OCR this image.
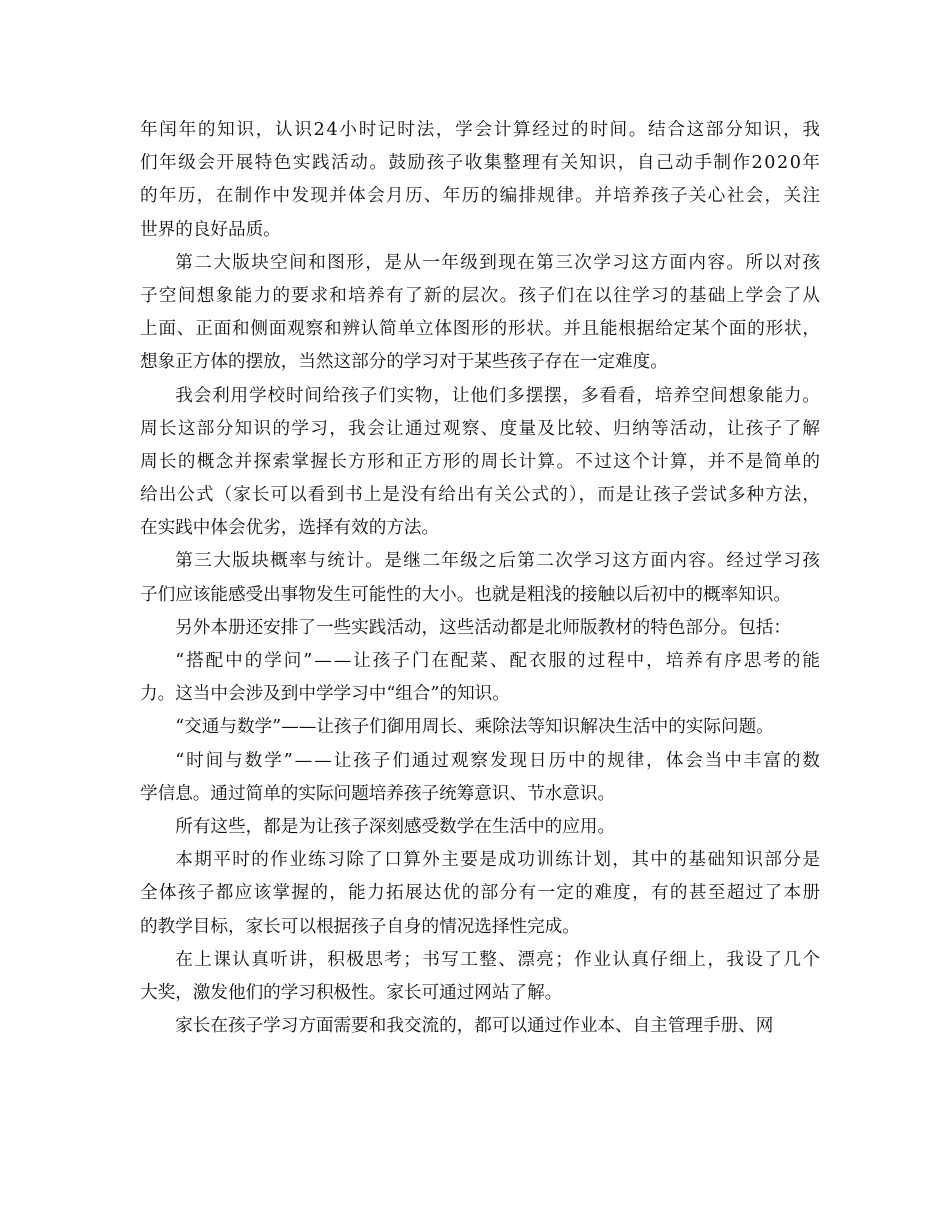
年闰年的知识，认识24小时记时法，学会计算经过的时间。结合这部分知识，我
们年级会开展特色实践活动。鼓励孩子收集整理有关知识，自己动手制作2020年
的年历，在制作中发现并体会月历、年历的编排规律。并培养孩子关心社会，关注
世界的良好品质。
第二大版块空间和图形，是从一年级到现在第三次学习这方面内容。所以对孩
子空间想象能力的要求和培养有了新的层次。孩子们在以往学习的基础上学会了从
上面、正面和侧面观察和辨认简单立体图形的形状。并且能根据给定某个面的形状，
想象正方体的摆放，当然这部分的学习对于某些孩子存在一定难度。
我会利用学校时间给孩子们实物，让他们多摆摆，多看看，培养空间想象能力。
周长这部分知识的学习，我会让通过观察、度量及比较、归纳等活动，让孩子了解
周长的概念并探索掌握长方形和正方形的周长计算。不过这个计算，并不是简单的
给出公式（家长可以看到书上是没有给出有关公式的），而是让孩子尝试多种方法，
在实践中体会优劣，选择有效的方法。
第三大版块概率与统计。是继二年级之后第二次学习这方面内容。经过学习孩
子们应该能感受出事物发生可能性的大小。也就是粗浅的接触以后初中的概率知识。
另外本册还安排了一些实践活动，这些活动都是北师版教材的特色部分。包括：
“搭配中的学问”——让孩子门在配菜、配衣服的过程中，培养有序思考的能
力。这当中会涉及到中学学习中“组合”的知识。
“交通与数学”——让孩子们御用周长、乘除法等知识解决生活中的实际问题。
“时间与数学”——让孩子们通过观察发现日历中的规律，体会当中丰富的数
学信息。通过简单的实际问题培养孩子统筹意识、节水意识。
所有这些，都是为让孩子深刻感受数学在生活中的应用。
本期平时的作业练习除了口算外主要是成功训练计划，其中的基础知识部分是
全体孩子都应该掌握的，能力拓展达优的部分有一定的难度，有的甚至超过了本册
的教学目标，家长可以根据孩子自身的情况选择性完成。
在上课认真听讲，积极思考；书写工整、漂亮；作业认真仔细上，我设了几个
大奖，激发他们的学习积极性。家长可通过网站了解。
家长在孩子学习方面需要和我交流的，都可以通过作业本、自主管理手册、网
